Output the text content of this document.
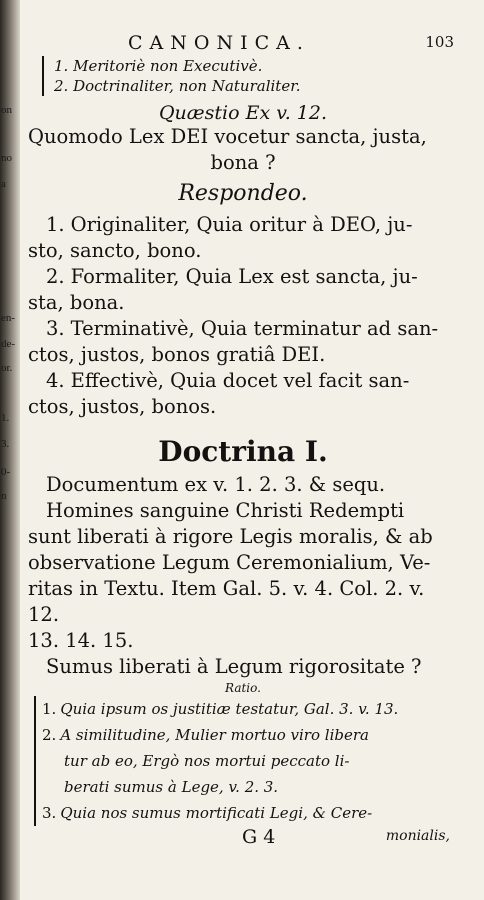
on
no
a
en-
de-
or.
1.
3.
0-
n
CANONICA.	103
1. Meritoriè non Executivè.
2. Doctrinaliter, non Naturaliter.
Quæstio Ex v. 12.
Quomodo Lex DEI vocetur sancta, justa,
bona ?
Respondeo.
1. Originaliter, Quia oritur à DEO, ju-
sto, sancto, bono.
2. Formaliter, Quia Lex est sancta, ju-
sta, bona.
3. Terminativè, Quia terminatur ad san-
ctos, justos, bonos gratiâ DEI.
4. Effectivè, Quia docet vel facit san-
ctos, justos, bonos.
Doctrina I.
Documentum ex v. 1. 2. 3. & sequ.
Homines sanguine Christi Redempti
sunt liberati à rigore Legis moralis, & ab
observatione Legum Ceremonialium, Ve-
ritas in Textu. Item Gal. 5. v. 4. Col. 2. v. 12.
13. 14. 15.
Sumus liberati à Legum rigorositate ?
Ratio.
1. Quia ipsum os justitiæ testatur, Gal. 3. v. 13.
2. A similitudine, Mulier mortuo viro libera
tur ab eo, Ergò nos mortui peccato li-
berati sumus à Lege, v. 2. 3.
3. Quia nos sumus mortificati Legi, & Cere-
G 4	monialis,
